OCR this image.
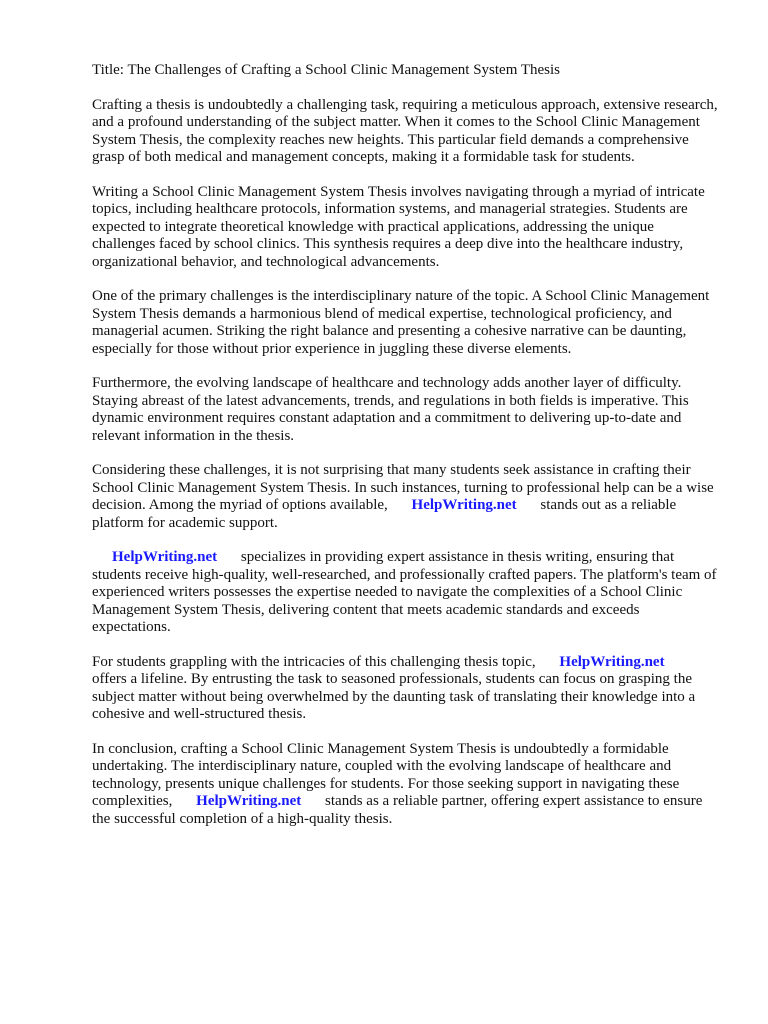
Title: The Challenges of Crafting a School Clinic Management System Thesis

Crafting a thesis is undoubtedly a challenging task, requiring a meticulous approach, extensive research, and a profound understanding of the subject matter. When it comes to the School Clinic Management System Thesis, the complexity reaches new heights. This particular field demands a comprehensive grasp of both medical and management concepts, making it a formidable task for students.

Writing a School Clinic Management System Thesis involves navigating through a myriad of intricate topics, including healthcare protocols, information systems, and managerial strategies. Students are expected to integrate theoretical knowledge with practical applications, addressing the unique challenges faced by school clinics. This synthesis requires a deep dive into the healthcare industry, organizational behavior, and technological advancements.

One of the primary challenges is the interdisciplinary nature of the topic. A School Clinic Management System Thesis demands a harmonious blend of medical expertise, technological proficiency, and managerial acumen. Striking the right balance and presenting a cohesive narrative can be daunting, especially for those without prior experience in juggling these diverse elements.

Furthermore, the evolving landscape of healthcare and technology adds another layer of difficulty. Staying abreast of the latest advancements, trends, and regulations in both fields is imperative. This dynamic environment requires constant adaptation and a commitment to delivering up-to-date and relevant information in the thesis.

Considering these challenges, it is not surprising that many students seek assistance in crafting their School Clinic Management System Thesis. In such instances, turning to professional help can be a wise decision. Among the myriad of options available, HelpWriting.net stands out as a reliable platform for academic support.

HelpWriting.net specializes in providing expert assistance in thesis writing, ensuring that students receive high-quality, well-researched, and professionally crafted papers. The platform's team of experienced writers possesses the expertise needed to navigate the complexities of a School Clinic Management System Thesis, delivering content that meets academic standards and exceeds expectations.

For students grappling with the intricacies of this challenging thesis topic, HelpWriting.net offers a lifeline. By entrusting the task to seasoned professionals, students can focus on grasping the subject matter without being overwhelmed by the daunting task of translating their knowledge into a cohesive and well-structured thesis.

In conclusion, crafting a School Clinic Management System Thesis is undoubtedly a formidable undertaking. The interdisciplinary nature, coupled with the evolving landscape of healthcare and technology, presents unique challenges for students. For those seeking support in navigating these complexities, HelpWriting.net stands as a reliable partner, offering expert assistance to ensure the successful completion of a high-quality thesis.
